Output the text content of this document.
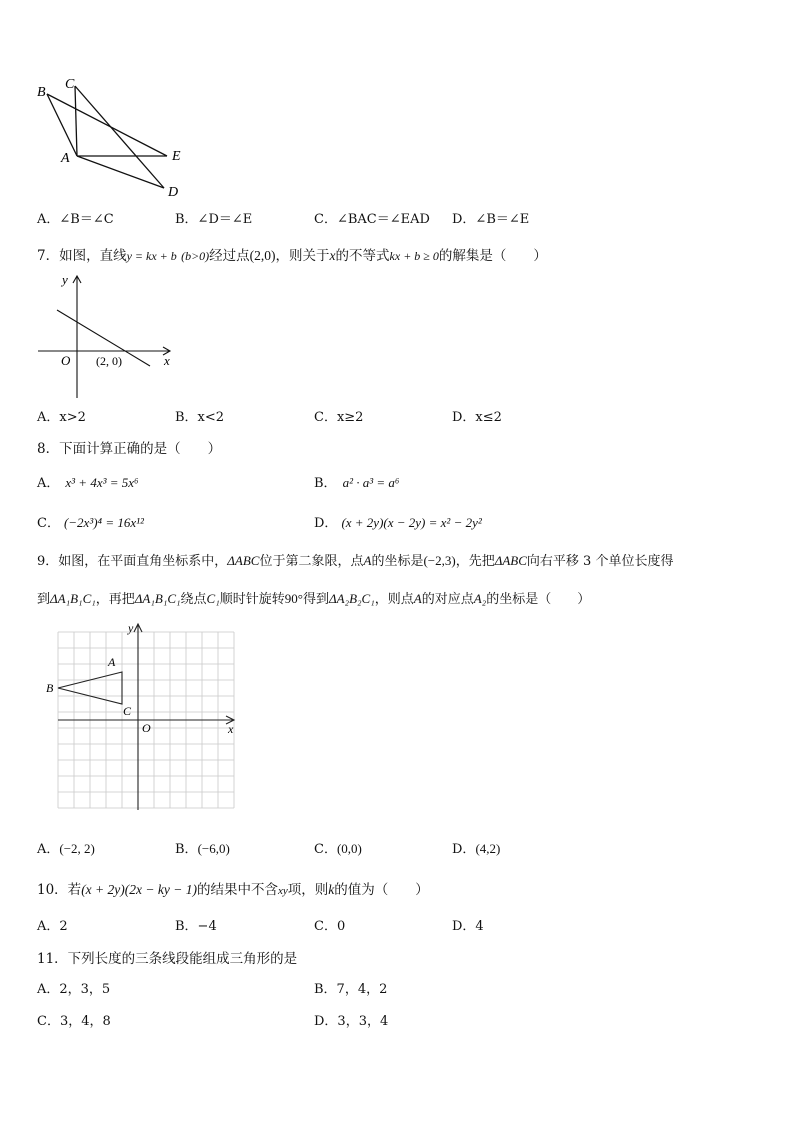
B
C
A	E
D
A．∠B＝∠C	B．∠D＝∠E	C．∠BAC＝∠EAD D．∠B＝∠E
7．如图，直线y = kx + b (b>0)经过点(2,0)，则关于x的不等式kx + b ≥ 0的解集是（　　）
y
O (2, 0)	x
A．x>2	B．x<2	C．x≥2	D．x≤2
8．下面计算正确的是（　　）
A． x³ + 4x³ = 5x⁶	B． a² · a³ = a⁶
C． (−2x³)⁴ = 16x¹²	D． (x + 2y)(x − 2y) = x² − 2y²
9．如图，在平面直角坐标系中，ΔABC位于第二象限，点A的坐标是(−2,3)，先把ΔABC向右平移 3 个单位长度得
到ΔA₁B₁C₁，再把ΔA₁B₁C₁绕点C₁顺时针旋转90°得到ΔA₂B₂C₁，则点A的对应点A₂的坐标是（　　）
y
x
O
A
B
C
A．(−2, 2)	B．(−6,0)	C．(0,0)	D．(4,2)
10．若(x + 2y)(2x − ky − 1)的结果中不含xy项，则k的值为（　　）
A．2	B．−4	C．0	D．4
11．下列长度的三条线段能组成三角形的是
A．2，3，5	B．7，4，2
C．3，4，8	D．3，3，4
